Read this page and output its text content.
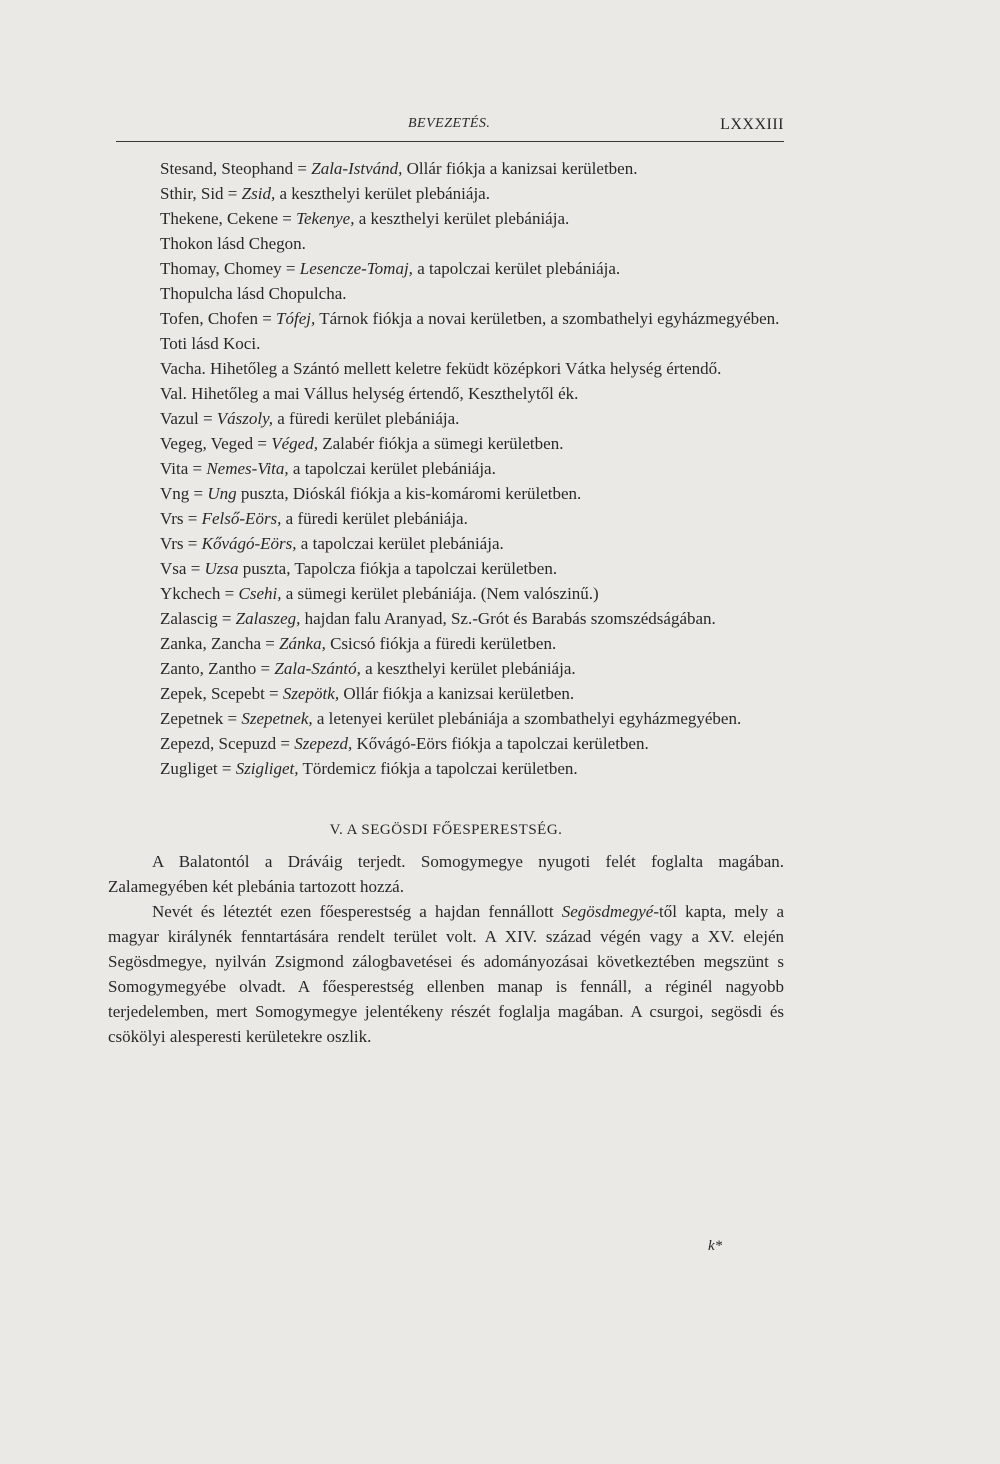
BEVEZETÉS.	LXXXIII

Stesand, Steophand = Zala-Istvánd, Ollár fiókja a kanizsai kerületben.

Sthir, Sid = Zsid, a keszthelyi kerület plebániája.

Thekene, Cekene = Tekenye, a keszthelyi kerület plebániája.

Thokon lásd Chegon.

Thomay, Chomey = Lesencze-Tomaj, a tapolczai kerület plebániája.

Thopulcha lásd Chopulcha.

Tofen, Chofen = Tófej, Tárnok fiókja a novai kerületben, a szombathelyi egyházmegyében.

Toti lásd Koci.

Vacha. Hihetőleg a Szántó mellett keletre feküdt középkori Vátka helység értendő.

Val. Hihetőleg a mai Vállus helység értendő, Keszthelytől ék.

Vazul = Vászoly, a füredi kerület plebániája.

Vegeg, Veged = Véged, Zalabér fiókja a sümegi kerületben.

Vita = Nemes-Vita, a tapolczai kerület plebániája.

Vng = Ung puszta, Dióskál fiókja a kis-komáromi kerületben.

Vrs = Felső-Eörs, a füredi kerület plebániája.

Vrs = Kővágó-Eörs, a tapolczai kerület plebániája.

Vsa = Uzsa puszta, Tapolcza fiókja a tapolczai kerületben.

Ykchech = Csehi, a sümegi kerület plebániája. (Nem valószinű.)

Zalascig = Zalaszeg, hajdan falu Aranyad, Sz.-Grót és Barabás szomszédságában.

Zanka, Zancha = Zánka, Csicsó fiókja a füredi kerületben.

Zanto, Zantho = Zala-Szántó, a keszthelyi kerület plebániája.

Zepek, Scepebt = Szepötk, Ollár fiókja a kanizsai kerületben.

Zepetnek = Szepetnek, a letenyei kerület plebániája a szombathelyi egyházmegyében.

Zepezd, Scepuzd = Szepezd, Kővágó-Eörs fiókja a tapolczai kerületben.

Zugliget = Szigliget, Tördemicz fiókja a tapolczai kerületben.

V. A SEGÖSDI FŐESPERESTSÉG.

A Balatontól a Dráváig terjedt. Somogymegye nyugoti felét foglalta magában. Zalamegyében két plebánia tartozott hozzá.

Nevét és léteztét ezen főesperestség a hajdan fennállott Segösdmegyé-től kapta, mely a magyar királynék fenntartására rendelt terület volt. A XIV. század végén vagy a XV. elején Segösdmegye, nyilván Zsigmond zálogbavetései és adományozásai következtében megszünt s Somogymegyébe olvadt. A főesperestség ellenben manap is fennáll, a réginél nagyobb terjedelemben, mert Somogymegye jelentékeny részét foglalja magában. A csurgoi, segösdi és csökölyi alesperesti kerületekre oszlik.

k*
